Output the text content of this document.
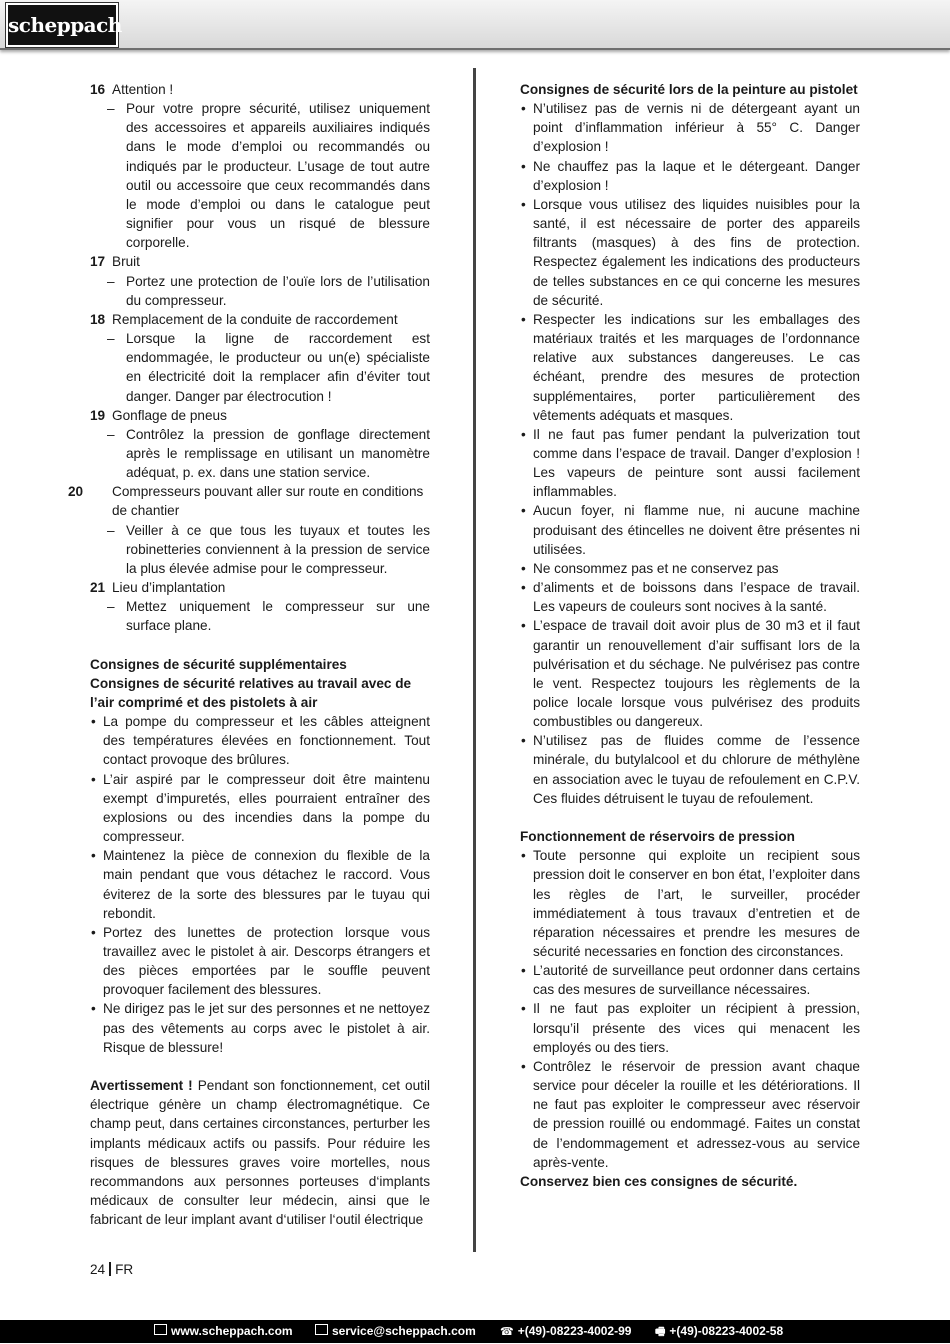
scheppach

16 Attention !

– Pour votre propre sécurité, utilisez uniquement des accessoires et appareils auxiliaires indiqués dans le mode d’emploi ou recommandés ou indiqués par le producteur. L’usage de tout autre outil ou accessoire que ceux recommandés dans le mode d’emploi ou dans le catalogue peut signifier pour vous un risqué de blessure corporelle.

17 Bruit

– Portez une protection de l’ouïe lors de l’utilisation du compresseur.

18 Remplacement de la conduite de raccordement

– Lorsque la ligne de raccordement est endommagée, le producteur ou un(e) spécialiste en électricité doit la remplacer afin d’éviter tout danger. Danger par électrocution !

19 Gonflage de pneus

– Contrôlez la pression de gonflage directement après le remplissage en utilisant un manomètre adéquat, p. ex. dans une station service.

20 Compresseurs pouvant aller sur route en conditions de chantier

– Veiller à ce que tous les tuyaux et toutes les robinetteries conviennent à la pression de service la plus élevée admise pour le compresseur.

21 Lieu d’implantation

– Mettez uniquement le compresseur sur une surface plane.

Consignes de sécurité supplémentaires

Consignes de sécurité relatives au travail avec de l’air comprimé et des pistolets à air

• La pompe du compresseur et les câbles atteignent des températures élevées en fonctionnement. Tout contact provoque des brûlures.

• L’air aspiré par le compresseur doit être maintenu exempt d’impuretés, elles pourraient entraîner des explosions ou des incendies dans la pompe du compresseur.

• Maintenez la pièce de connexion du flexible de la main pendant que vous détachez le raccord. Vous éviterez de la sorte des blessures par le tuyau qui rebondit.

• Portez des lunettes de protection lorsque vous travaillez avec le pistolet à air. Descorps étrangers et des pièces emportées par le souffle peuvent provoquer facilement des blessures.

• Ne dirigez pas le jet sur des personnes et ne nettoyez pas des vêtements au corps avec le pistolet à air. Risque de blessure!

Avertissement ! Pendant son fonctionnement, cet outil électrique génère un champ électromagnétique. Ce champ peut, dans certaines circonstances, perturber les implants médicaux actifs ou passifs. Pour réduire les risques de blessures graves voire mortelles, nous recommandons aux personnes porteuses d‘implants médicaux de consulter leur médecin, ainsi que le fabricant de leur implant avant d‘utiliser l‘outil électrique

Consignes de sécurité lors de la peinture au pistolet

• N’utilisez pas de vernis ni de détergeant ayant un point d’inflammation inférieur à 55° C. Danger d’explosion !

• Ne chauffez pas la laque et le détergeant. Danger d’explosion !

• Lorsque vous utilisez des liquides nuisibles pour la santé, il est nécessaire de porter des appareils filtrants (masques) à des fins de protection. Respectez également les indications des producteurs de telles substances en ce qui concerne les mesures de sécurité.

• Respecter les indications sur les emballages des matériaux traités et les marquages de l’ordonnance relative aux substances dangereuses. Le cas échéant, prendre des mesures de protection supplémentaires, porter particulièrement des vêtements adéquats et masques.

• Il ne faut pas fumer pendant la pulverization tout comme dans l’espace de travail. Danger d’explosion ! Les vapeurs de peinture sont aussi facilement inflammables.

• Aucun foyer, ni flamme nue, ni aucune machine produisant des étincelles ne doivent être présentes ni utilisées.

• Ne consommez pas et ne conservez pas

• d’aliments et de boissons dans l’espace de travail. Les vapeurs de couleurs sont nocives à la santé.

• L’espace de travail doit avoir plus de 30 m3 et il faut garantir un renouvellement d’air suffisant lors de la pulvérisation et du séchage. Ne pulvérisez pas contre le vent. Respectez toujours les règlements de la police locale lorsque vous pulvérisez des produits combustibles ou dangereux.

• N’utilisez pas de fluides comme de l’essence minérale, du butylalcool et du chlorure de méthylène en association avec le tuyau de refoulement en C.P.V. Ces fluides détruisent le tuyau de refoulement.

Fonctionnement de réservoirs de pression

• Toute personne qui exploite un recipient sous pression doit le conserver en bon état, l’exploiter dans les règles de l’art, le surveiller, procéder immédiatement à tous travaux d’entretien et de réparation nécessaires et prendre les mesures de sécurité necessaries en fonction des circonstances.

• L’autorité de surveillance peut ordonner dans certains cas des mesures de surveillance nécessaires.

• Il ne faut pas exploiter un récipient à pression, lorsqu’il présente des vices qui menacent les employés ou des tiers.

• Contrôlez le réservoir de pression avant chaque service pour déceler la rouille et les détériorations. Il ne faut pas exploiter le compresseur avec réservoir de pression rouillé ou endommagé. Faites un constat de l’endommagement et adressez-vous au service après-vente.

Conservez bien ces consignes de sécurité.

24 FR
www.scheppach.com	service@scheppach.com ☎ +(49)-08223-4002-99 🖷 +(49)-08223-4002-58
